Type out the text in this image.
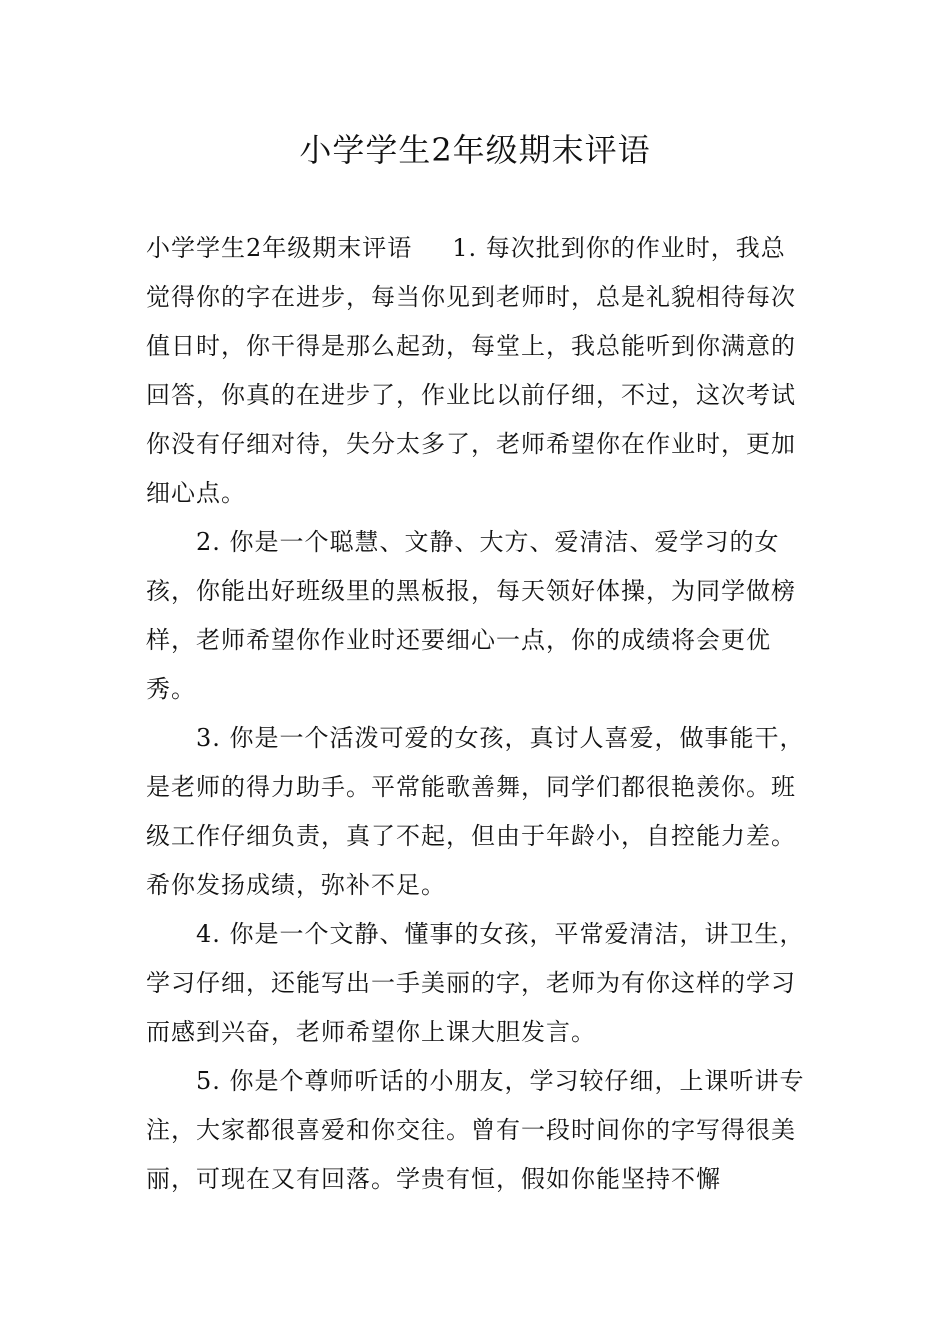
小学学生2年级期末评语

小学学生2年级期末评语 1. 每次批到你的作业时，我总觉得你的字在进步，每当你见到老师时，总是礼貌相待每次值日时，你干得是那么起劲，每堂上，我总能听到你满意的回答，你真的在进步了，作业比以前仔细，不过，这次考试你没有仔细对待，失分太多了，老师希望你在作业时，更加细心点。

2. 你是一个聪慧、文静、大方、爱清洁、爱学习的女孩，你能出好班级里的黑板报，每天领好体操，为同学做榜样，老师希望你作业时还要细心一点，你的成绩将会更优秀。

3. 你是一个活泼可爱的女孩，真讨人喜爱，做事能干，是老师的得力助手。平常能歌善舞，同学们都很艳羡你。班级工作仔细负责，真了不起，但由于年龄小，自控能力差。希你发扬成绩，弥补不足。

4. 你是一个文静、懂事的女孩，平常爱清洁，讲卫生，学习仔细，还能写出一手美丽的字，老师为有你这样的学习而感到兴奋，老师希望你上课大胆发言。

5. 你是个尊师听话的小朋友，学习较仔细，上课听讲专注，大家都很喜爱和你交往。曾有一段时间你的字写得很美丽，可现在又有回落。学贵有恒，假如你能坚持不懈
